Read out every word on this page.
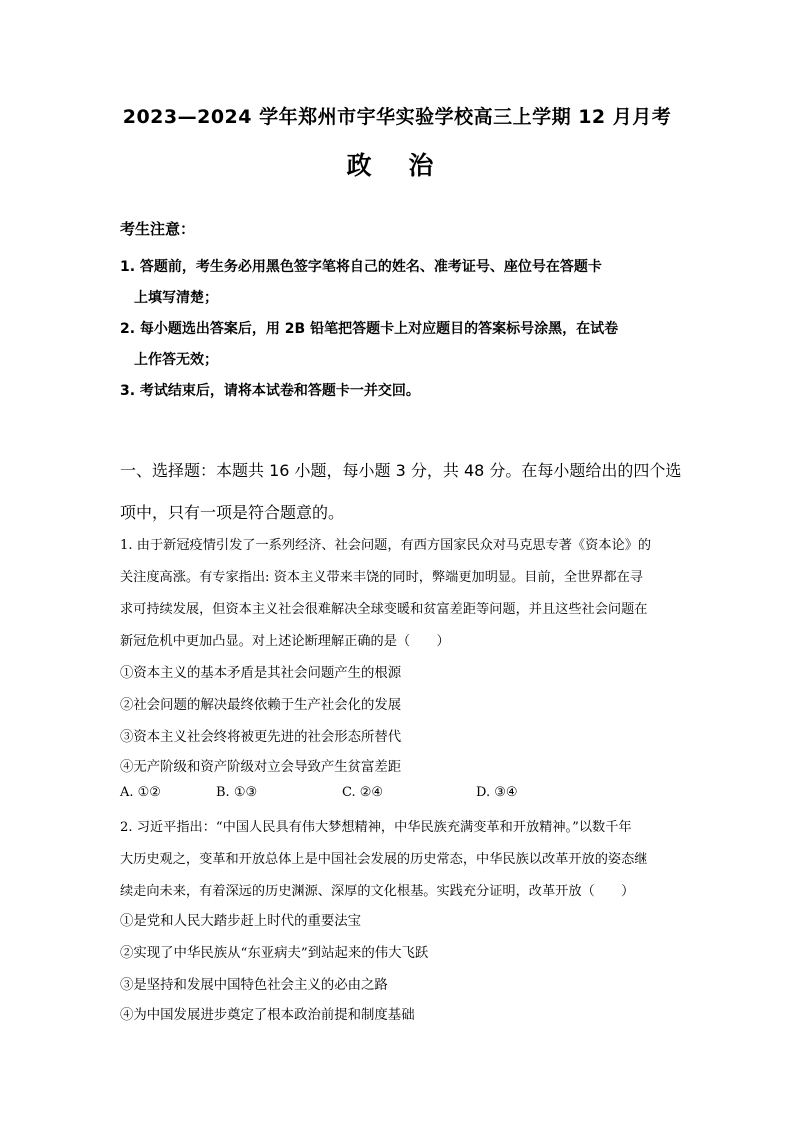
2023—2024 学年郑州市宇华实验学校高三上学期 12 月月考
政 治
考生注意：
1. 答题前，考生务必用黑色签字笔将自己的姓名、准考证号、座位号在答题卡
上填写清楚；
2. 每小题选出答案后，用 2B 铅笔把答题卡上对应题目的答案标号涂黑，在试卷
上作答无效；
3. 考试结束后，请将本试卷和答题卡一并交回。
一、选择题：本题共 16 小题，每小题 3 分，共 48 分。在每小题给出的四个选
项中，只有一项是符合题意的。
1. 由于新冠疫情引发了一系列经济、社会问题，有西方国家民众对马克思专著《资本论》的
关注度高涨。有专家指出: 资本主义带来丰饶的同时，弊端更加明显。目前，全世界都在寻
求可持续发展，但资本主义社会很难解决全球变暖和贫富差距等问题，并且这些社会问题在
新冠危机中更加凸显。对上述论断理解正确的是（　　）
①资本主义的基本矛盾是其社会问题产生的根源
②社会问题的解决最终依赖于生产社会化的发展
③资本主义社会终将被更先进的社会形态所替代
④无产阶级和资产阶级对立会导致产生贫富差距
A. ①②	B. ①③	C. ②④	D. ③④
2. 习近平指出：“中国人民具有伟大梦想精神，中华民族充满变革和开放精神。”以数千年
大历史观之，变革和开放总体上是中国社会发展的历史常态，中华民族以改革开放的姿态继
续走向未来，有着深远的历史渊源、深厚的文化根基。实践充分证明，改革开放（　　）
①是党和人民大踏步赶上时代的重要法宝
②实现了中华民族从“东亚病夫”到站起来的伟大飞跃
③是坚持和发展中国特色社会主义的必由之路
④为中国发展进步奠定了根本政治前提和制度基础
